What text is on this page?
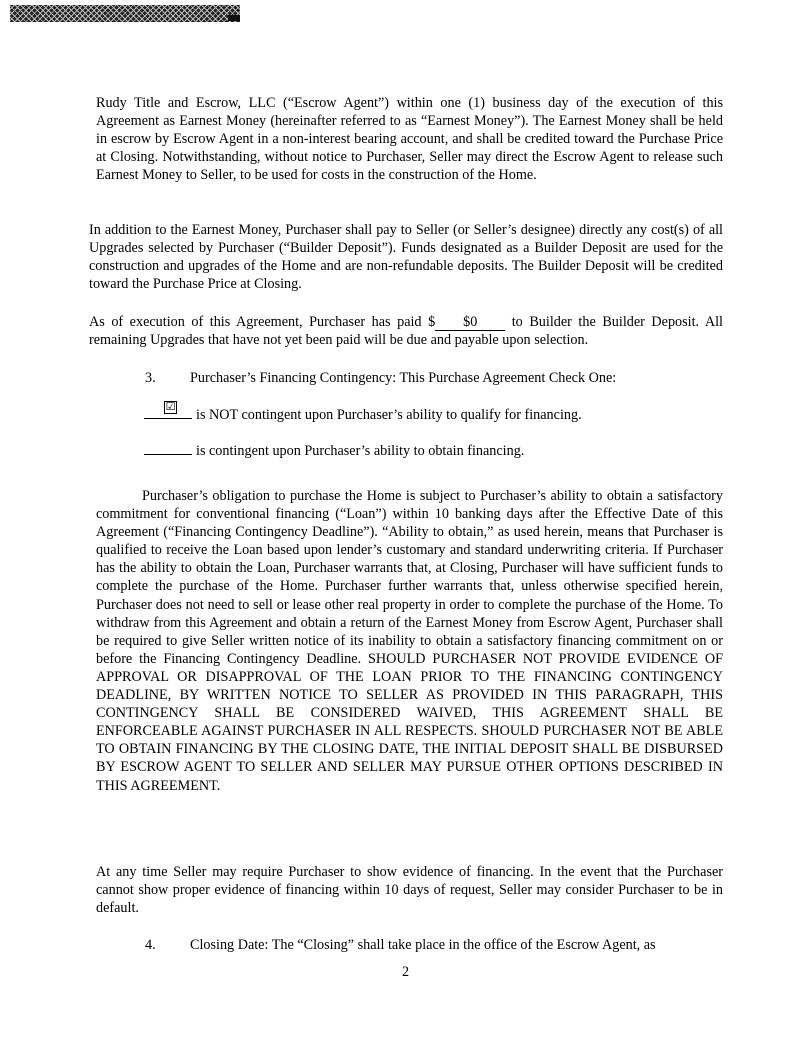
Rudy Title and Escrow, LLC (“Escrow Agent”) within one (1) business day of the execution of this Agreement as Earnest Money (hereinafter referred to as “Earnest Money”). The Earnest Money shall be held in escrow by Escrow Agent in a non-interest bearing account, and shall be credited toward the Purchase Price at Closing. Notwithstanding, without notice to Purchaser, Seller may direct the Escrow Agent to release such Earnest Money to Seller, to be used for costs in the construction of the Home.

In addition to the Earnest Money, Purchaser shall pay to Seller (or Seller’s designee) directly any cost(s) of all Upgrades selected by Purchaser (“Builder Deposit”). Funds designated as a Builder Deposit are used for the construction and upgrades of the Home and are non-refundable deposits. The Builder Deposit will be credited toward the Purchase Price at Closing.

As of execution of this Agreement, Purchaser has paid $ $0 to Builder the Builder Deposit. All remaining Upgrades that have not yet been paid will be due and payable upon selection.

3. Purchaser’s Financing Contingency: This Purchase Agreement Check One:
☑
is NOT contingent upon Purchaser’s ability to qualify for financing.
is contingent upon Purchaser’s ability to obtain financing.

Purchaser’s obligation to purchase the Home is subject to Purchaser’s ability to obtain a satisfactory commitment for conventional financing (“Loan”) within 10 banking days after the Effective Date of this Agreement (“Financing Contingency Deadline”). “Ability to obtain,” as used herein, means that Purchaser is qualified to receive the Loan based upon lender’s customary and standard underwriting criteria. If Purchaser has the ability to obtain the Loan, Purchaser warrants that, at Closing, Purchaser will have sufficient funds to complete the purchase of the Home. Purchaser further warrants that, unless otherwise specified herein, Purchaser does not need to sell or lease other real property in order to complete the purchase of the Home. To withdraw from this Agreement and obtain a return of the Earnest Money from Escrow Agent, Purchaser shall be required to give Seller written notice of its inability to obtain a satisfactory financing commitment on or before the Financing Contingency Deadline. SHOULD PURCHASER NOT PROVIDE EVIDENCE OF APPROVAL OR DISAPPROVAL OF THE LOAN PRIOR TO THE FINANCING CONTINGENCY DEADLINE, BY WRITTEN NOTICE TO SELLER AS PROVIDED IN THIS PARAGRAPH, THIS CONTINGENCY SHALL BE CONSIDERED WAIVED, THIS AGREEMENT SHALL BE ENFORCEABLE AGAINST PURCHASER IN ALL RESPECTS. SHOULD PURCHASER NOT BE ABLE TO OBTAIN FINANCING BY THE CLOSING DATE, THE INITIAL DEPOSIT SHALL BE DISBURSED BY ESCROW AGENT TO SELLER AND SELLER MAY PURSUE OTHER OPTIONS DESCRIBED IN THIS AGREEMENT.

At any time Seller may require Purchaser to show evidence of financing. In the event that the Purchaser cannot show proper evidence of financing within 10 days of request, Seller may consider Purchaser to be in default.

4. Closing Date: The “Closing” shall take place in the office of the Escrow Agent, as
2
